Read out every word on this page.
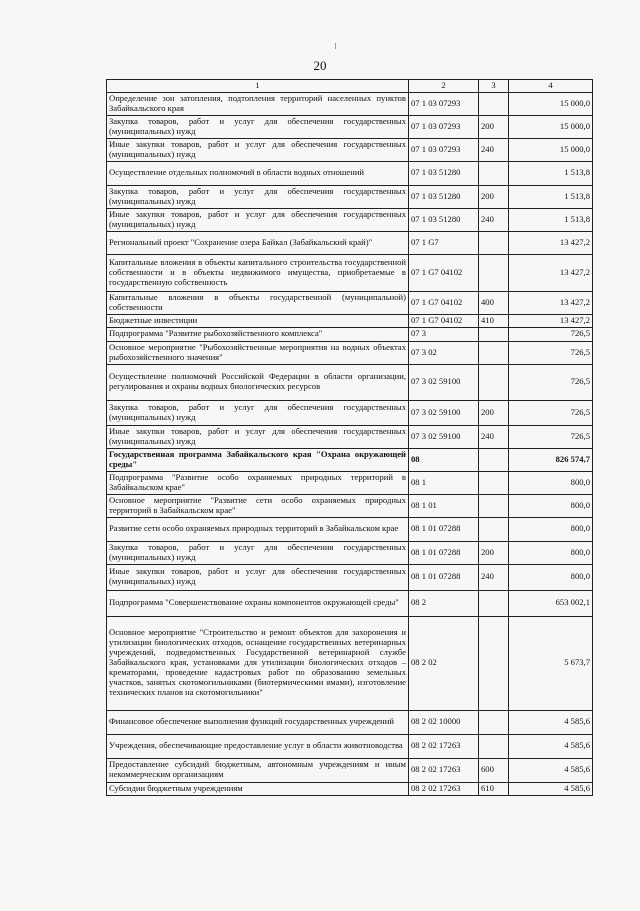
20
1	2	3	4
Определение зон затопления, подтопления территорий населенных пунктов Забайкальского края	07 1 03 07293		15 000,0
Закупка товаров, работ и услуг для обеспечения государственных (муниципальных) нужд	07 1 03 07293	200	15 000,0
Иные закупки товаров, работ и услуг для обеспечения государственных (муниципальных) нужд	07 1 03 07293	240	15 000,0
Осуществление отдельных полномочий в области водных отношений	07 1 03 51280		1 513,8
Закупка товаров, работ и услуг для обеспечения государственных (муниципальных) нужд	07 1 03 51280	200	1 513,8
Иные закупки товаров, работ и услуг для обеспечения государственных (муниципальных) нужд	07 1 03 51280	240	1 513,8
Региональный проект "Сохранение озера Байкал (Забайкальский край)"	07 1 G7		13 427,2
Капитальные вложения в объекты капитального строительства государственной собственности и в объекты недвижимого имущества, приобретаемые в государственную собственность	07 1 G7 04102		13 427,2
Капитальные вложения в объекты государственной (муниципальной) собственности	07 1 G7 04102	400	13 427,2
Бюджетные инвестиции	07 1 G7 04102	410	13 427,2
Подпрограмма "Развитие рыбохозяйственного комплекса"	07 3		726,5
Основное мероприятие "Рыбохозяйственные мероприятия на водных объектах рыбохозяйственного значения"	07 3 02		726,5
Осуществление полномочий Российской Федерации в области организации, регулирования и охраны водных биологических ресурсов	07 3 02 59100		726,5
Закупка товаров, работ и услуг для обеспечения государственных (муниципальных) нужд	07 3 02 59100	200	726,5
Иные закупки товаров, работ и услуг для обеспечения государственных (муниципальных) нужд	07 3 02 59100	240	726,5
Государственная программа Забайкальского края "Охрана окружающей среды"	08		826 574,7
Подпрограмма "Развитие особо охраняемых природных территорий в Забайкальском крае"	08 1		800,0
Основное мероприятие "Развитие сети особо охраняемых природных территорий в Забайкальском крае"	08 1 01		800,0
Развитие сети особо охраняемых природных территорий в Забайкальском крае	08 1 01 07288		800,0
Закупка товаров, работ и услуг для обеспечения государственных (муниципальных) нужд	08 1 01 07288	200	800,0
Иные закупки товаров, работ и услуг для обеспечения государственных (муниципальных) нужд	08 1 01 07288	240	800,0
Подпрограмма "Совершенствование охраны компонентов окружающей среды"	08 2		653 002,1
Основное мероприятие "Строительство и ремонт объектов для захоронения и утилизации биологических отходов, оснащение государственных ветеринарных учреждений, подведомственных Государственной ветеринарной службе Забайкальского края, установками для утилизации биологических отходов – крематорами, проведение кадастровых работ по образованию земельных участков, занятых скотомогильниками (биотермическими ямами), изготовление технических планов на скотомогильники"	08 2 02		5 673,7
Финансовое обеспечение выполнения функций государственных учреждений	08 2 02 10000		4 585,6
Учреждения, обеспечивающие предоставление услуг в области животноводства	08 2 02 17263		4 585,6
Предоставление субсидий бюджетным, автономным учреждениям и иным некоммерческим организациям	08 2 02 17263	600	4 585,6
Субсидии бюджетным учреждениям	08 2 02 17263	610	4 585,6
